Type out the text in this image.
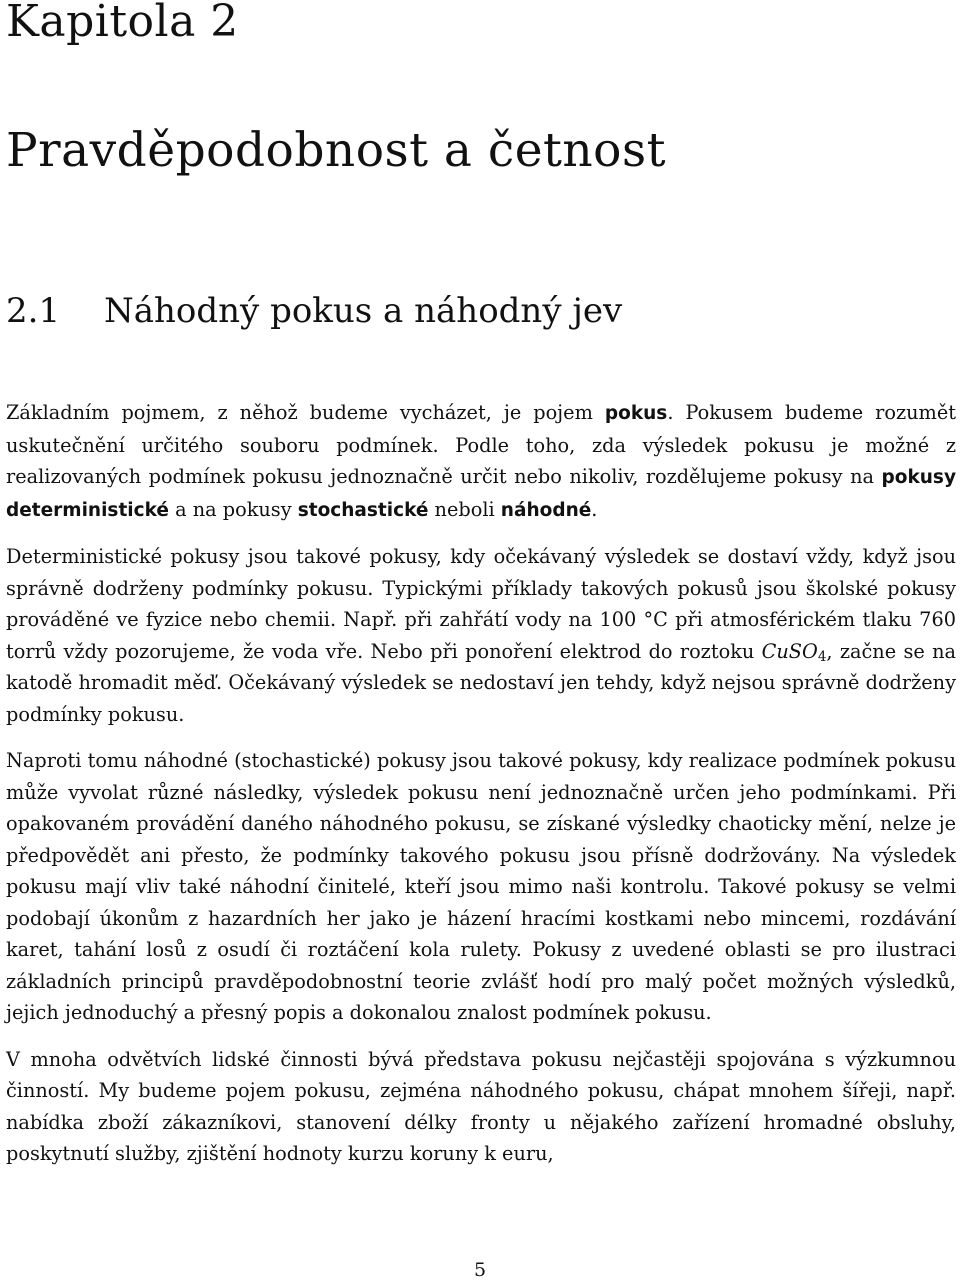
Kapitola 2
Pravděpodobnost a četnost
2.1 Náhodný pokus a náhodný jev

Základním pojmem, z něhož budeme vycházet, je pojem pokus. Pokusem budeme rozumět uskutečnění určitého souboru podmínek. Podle toho, zda výsledek pokusu je možné z realizovaných podmínek pokusu jednoznačně určit nebo nikoliv, rozdělujeme pokusy na pokusy deterministické a na pokusy stochastické neboli náhodné.

Deterministické pokusy jsou takové pokusy, kdy očekávaný výsledek se dostaví vždy, když jsou správně dodrženy podmínky pokusu. Typickými příklady takových pokusů jsou školské pokusy prováděné ve fyzice nebo chemii. Např. při zahřátí vody na 100 °C při atmosférickém tlaku 760 torrů vždy pozorujeme, že voda vře. Nebo při ponoření elektrod do roztoku CuSO$_4$, začne se na katodě hromadit měď. Očekávaný výsledek se nedostaví jen tehdy, když nejsou správně dodrženy podmínky pokusu.

Naproti tomu náhodné (stochastické) pokusy jsou takové pokusy, kdy realizace podmínek pokusu může vyvolat různé následky, výsledek pokusu není jednoznačně určen jeho podmínkami. Při opakovaném provádění daného náhodného pokusu, se získané výsledky chaoticky mění, nelze je předpovědět ani přesto, že podmínky takového pokusu jsou přísně dodržovány. Na výsledek pokusu mají vliv také náhodní činitelé, kteří jsou mimo naši kontrolu. Takové pokusy se velmi podobají úkonům z hazardních her jako je házení hracími kostkami nebo mincemi, rozdávání karet, tahání losů z osudí či roztáčení kola rulety. Pokusy z uvedené oblasti se pro ilustraci základních principů pravděpodobnostní teorie zvlášť hodí pro malý počet možných výsledků, jejich jednoduchý a přesný popis a dokonalou znalost podmínek pokusu.

V mnoha odvětvích lidské činnosti bývá představa pokusu nejčastěji spojována s výzkumnou činností. My budeme pojem pokusu, zejména náhodného pokusu, chápat mnohem šířeji, např. nabídka zboží zákazníkovi, stanovení délky fronty u nějakého zařízení hromadné obsluhy, poskytnutí služby, zjištění hodnoty kurzu koruny k euru,

5
